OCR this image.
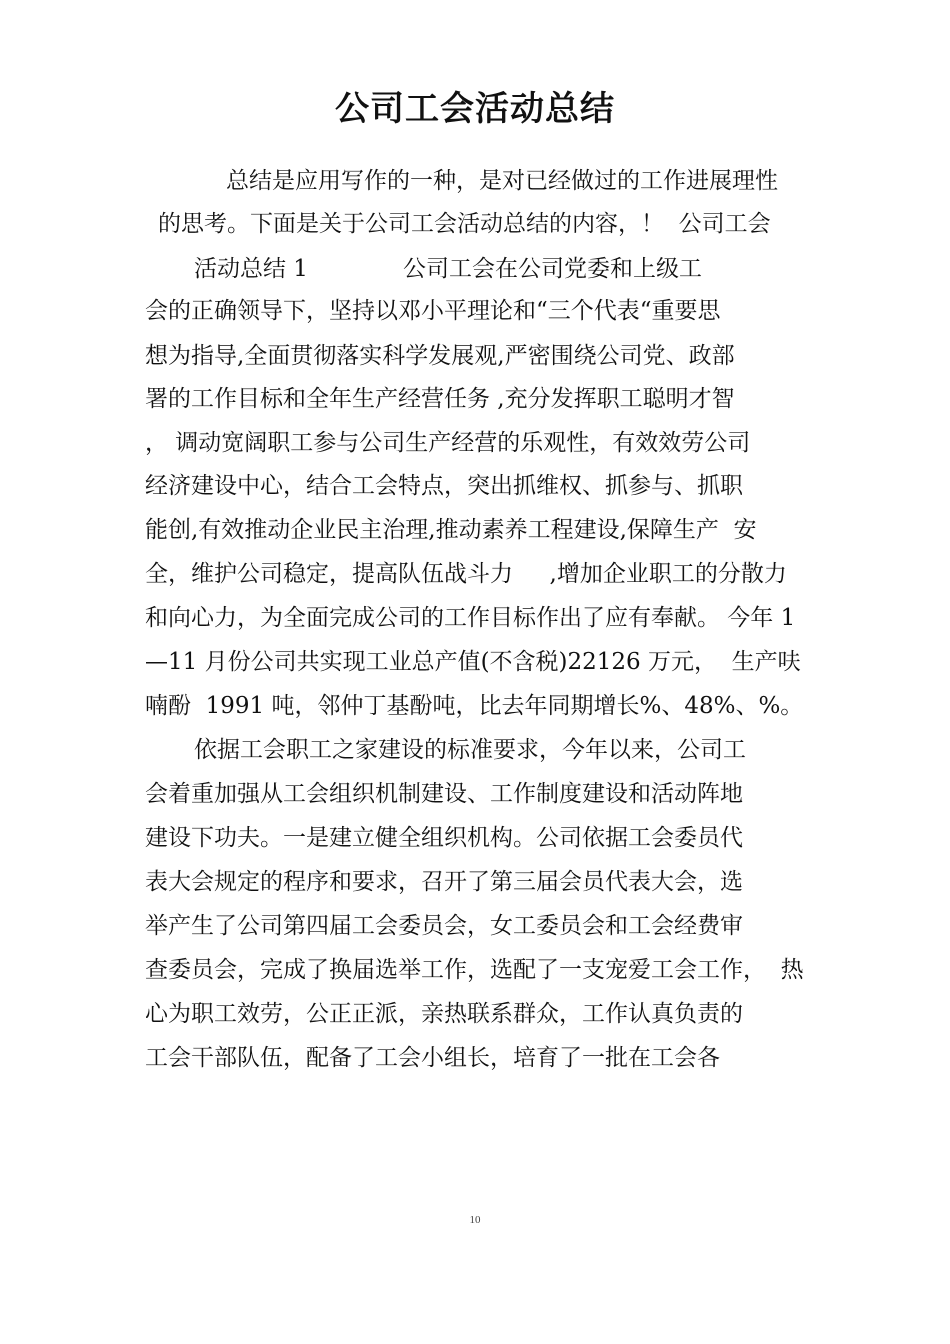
公司工会活动总结

总结是应用写作的一种，是对已经做过的工作进展理性

的思考。下面是关于公司工会活动总结的内容，！  公司工会

活动总结 1             公司工会在公司党委和上级工

会的正确领导下，坚持以邓小平理论和“三个代表“重要思

想为指导,全面贯彻落实科学发展观,严密围绕公司党、政部

署的工作目标和全年生产经营任务 ,充分发挥职工聪明才智

， 调动宽阔职工参与公司生产经营的乐观性，有效效劳公司

经济建设中心，结合工会特点，突出抓维权、抓参与、抓职

能创,有效推动企业民主治理,推动素养工程建设,保障生产  安

全，维护公司稳定，提高队伍战斗力     ,增加企业职工的分散力

和向心力，为全面完成公司的工作目标作出了应有奉献。 今年 1

—11 月份公司共实现工业总产值(不含税)22126 万元，  生产呋

喃酚  1991 吨，邻仲丁基酚吨，比去年同期增长%、48%、%。

依据工会职工之家建设的标准要求，今年以来，公司工

会着重加强从工会组织机制建设、工作制度建设和活动阵地

建设下功夫。一是建立健全组织机构。公司依据工会委员代

表大会规定的程序和要求，召开了第三届会员代表大会，选

举产生了公司第四届工会委员会，女工委员会和工会经费审

查委员会，完成了换届选举工作，选配了一支宠爱工会工作，  热

心为职工效劳，公正正派，亲热联系群众，工作认真负责的

工会干部队伍，配备了工会小组长，培育了一批在工会各

10
